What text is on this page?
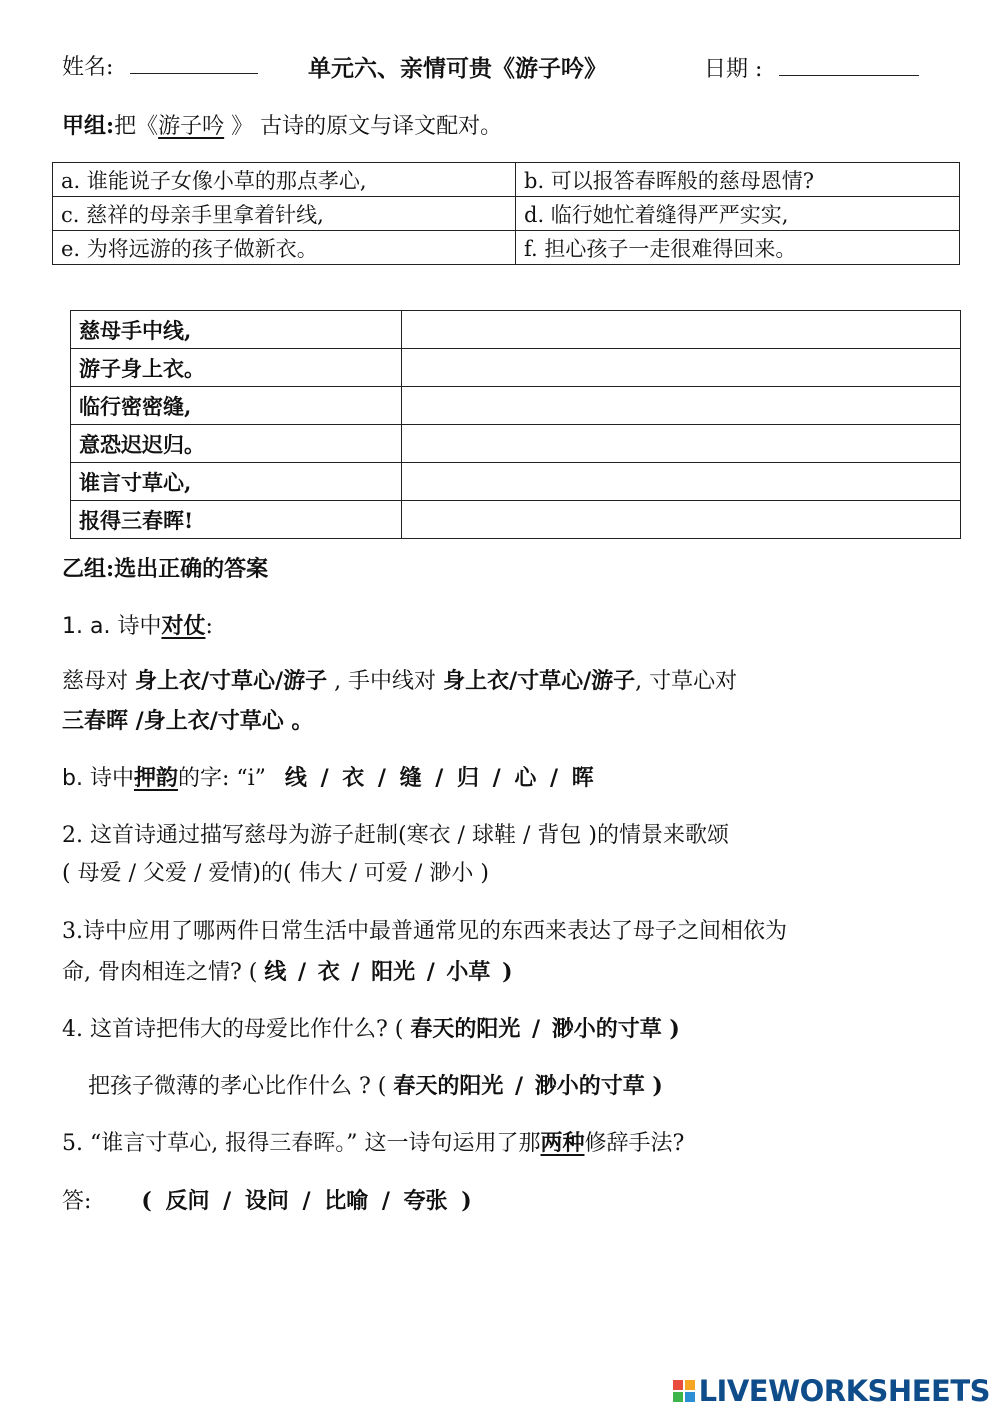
姓名:	单元六、亲情可贵《游子吟》	日期 :
甲组:把《游子吟 》 古诗的原文与译文配对。
a. 谁能说子女像小草的那点孝心,	b. 可以报答春晖般的慈母恩情?
c. 慈祥的母亲手里拿着针线,	d. 临行她忙着缝得严严实实,
e. 为将远游的孩子做新衣。	f. 担心孩子一走很难得回来。
慈母手中线,	
游子身上衣。	
临行密密缝,	
意恐迟迟归。	
谁言寸草心,	
报得三春晖!	
乙组:选出正确的答案
1. a. 诗中对仗:
慈母对 身上衣/寸草心/游子 , 手中线对 身上衣/寸草心/游子, 寸草心对
三春晖 /身上衣/寸草心 。
b. 诗中押韵的字: “i” 线 / 衣 / 缝 / 归 / 心 / 晖
2. 这首诗通过描写慈母为游子赶制(寒衣 / 球鞋 / 背包 )的情景来歌颂
( 母爱 / 父爱 / 爱情)的( 伟大 / 可爱 / 渺小 )
3.诗中应用了哪两件日常生活中最普通常见的东西来表达了母子之间相依为
命, 骨肉相连之情? ( 线 / 衣 / 阳光 / 小草 )
4. 这首诗把伟大的母爱比作什么? ( 春天的阳光 / 渺小的寸草 )
把孩子微薄的孝心比作什么 ? ( 春天的阳光 / 渺小的寸草 )
5. “谁言寸草心, 报得三春晖。” 这一诗句运用了那两种修辞手法?
答: ( 反问 / 设问 / 比喻 / 夸张 )
LIVEWORKSHEETS
